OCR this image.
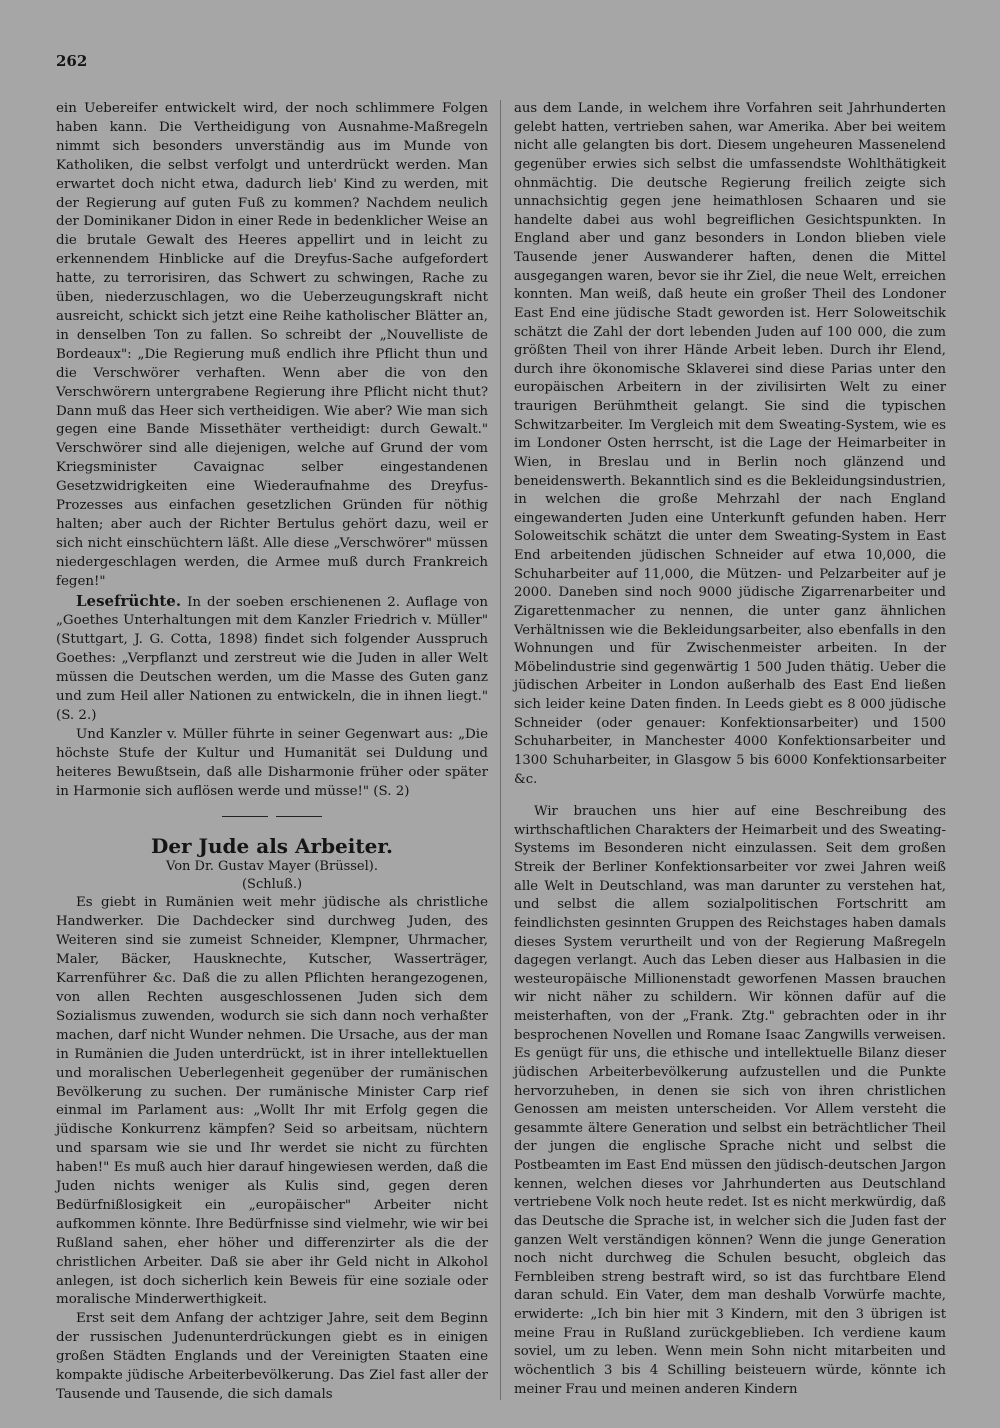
262

ein Uebereifer entwickelt wird, der noch schlimmere Folgen haben kann. Die Vertheidigung von Ausnahme-Maßregeln nimmt sich besonders unverständig aus im Munde von Katholiken, die selbst verfolgt und unterdrückt werden. Man erwartet doch nicht etwa, dadurch lieb' Kind zu werden, mit der Regierung auf guten Fuß zu kommen? Nachdem neulich der Dominikaner Didon in einer Rede in bedenklicher Weise an die brutale Gewalt des Heeres appellirt und in leicht zu erkennendem Hinblicke auf die Dreyfus-Sache aufgefordert hatte, zu terrorisiren, das Schwert zu schwingen, Rache zu üben, niederzuschlagen, wo die Ueberzeugungskraft nicht ausreicht, schickt sich jetzt eine Reihe katholischer Blätter an, in denselben Ton zu fallen. So schreibt der „Nouvelliste de Bordeaux": „Die Regierung muß endlich ihre Pflicht thun und die Verschwörer verhaften. Wenn aber die von den Verschwörern untergrabene Regierung ihre Pflicht nicht thut? Dann muß das Heer sich vertheidigen. Wie aber? Wie man sich gegen eine Bande Missethäter vertheidigt: durch Gewalt." Verschwörer sind alle diejenigen, welche auf Grund der vom Kriegsminister Cavaignac selber eingestandenen Gesetzwidrigkeiten eine Wiederaufnahme des Dreyfus-Prozesses aus einfachen gesetzlichen Gründen für nöthig halten; aber auch der Richter Bertulus gehört dazu, weil er sich nicht einschüchtern läßt. Alle diese „Verschwörer" müssen niedergeschlagen werden, die Armee muß durch Frankreich fegen!"

Lesefrüchte. In der soeben erschienenen 2. Auflage von „Goethes Unterhaltungen mit dem Kanzler Friedrich v. Müller" (Stuttgart, J. G. Cotta, 1898) findet sich folgender Ausspruch Goethes: „Verpflanzt und zerstreut wie die Juden in aller Welt müssen die Deutschen werden, um die Masse des Guten ganz und zum Heil aller Nationen zu entwickeln, die in ihnen liegt." (S. 2.)

Und Kanzler v. Müller führte in seiner Gegenwart aus: „Die höchste Stufe der Kultur und Humanität sei Duldung und heiteres Bewußtsein, daß alle Disharmonie früher oder später in Harmonie sich auflösen werde und müsse!" (S. 2)

Der Jude als Arbeiter.
Von Dr. Gustav Mayer (Brüssel).
(Schluß.)

Es giebt in Rumänien weit mehr jüdische als christliche Handwerker. Die Dachdecker sind durchweg Juden, des Weiteren sind sie zumeist Schneider, Klempner, Uhrmacher, Maler, Bäcker, Hausknechte, Kutscher, Wasserträger, Karrenführer &c. Daß die zu allen Pflichten herangezogenen, von allen Rechten ausgeschlossenen Juden sich dem Sozialismus zuwenden, wodurch sie sich dann noch verhaßter machen, darf nicht Wunder nehmen. Die Ursache, aus der man in Rumänien die Juden unterdrückt, ist in ihrer intellektuellen und moralischen Ueberlegenheit gegenüber der rumänischen Bevölkerung zu suchen. Der rumänische Minister Carp rief einmal im Parlament aus: „Wollt Ihr mit Erfolg gegen die jüdische Konkurrenz kämpfen? Seid so arbeitsam, nüchtern und sparsam wie sie und Ihr werdet sie nicht zu fürchten haben!" Es muß auch hier darauf hingewiesen werden, daß die Juden nichts weniger als Kulis sind, gegen deren Bedürfnißlosigkeit ein „europäischer" Arbeiter nicht aufkommen könnte. Ihre Bedürfnisse sind vielmehr, wie wir bei Rußland sahen, eher höher und differenzirter als die der christlichen Arbeiter. Daß sie aber ihr Geld nicht in Alkohol anlegen, ist doch sicherlich kein Beweis für eine soziale oder moralische Minderwerthigkeit.

Erst seit dem Anfang der achtziger Jahre, seit dem Beginn der russischen Judenunterdrückungen giebt es in einigen großen Städten Englands und der Vereinigten Staaten eine kompakte jüdische Arbeiterbevölkerung. Das Ziel fast aller der Tausende und Tausende, die sich damals

aus dem Lande, in welchem ihre Vorfahren seit Jahrhunderten gelebt hatten, vertrieben sahen, war Amerika. Aber bei weitem nicht alle gelangten bis dort. Diesem ungeheuren Massenelend gegenüber erwies sich selbst die umfassendste Wohlthätigkeit ohnmächtig. Die deutsche Regierung freilich zeigte sich unnachsichtig gegen jene heimathlosen Schaaren und sie handelte dabei aus wohl begreiflichen Gesichtspunkten. In England aber und ganz besonders in London blieben viele Tausende jener Auswanderer haften, denen die Mittel ausgegangen waren, bevor sie ihr Ziel, die neue Welt, erreichen konnten. Man weiß, daß heute ein großer Theil des Londoner East End eine jüdische Stadt geworden ist. Herr Soloweitschik schätzt die Zahl der dort lebenden Juden auf 100 000, die zum größten Theil von ihrer Hände Arbeit leben. Durch ihr Elend, durch ihre ökonomische Sklaverei sind diese Parias unter den europäischen Arbeitern in der zivilisirten Welt zu einer traurigen Berühmtheit gelangt. Sie sind die typischen Schwitzarbeiter. Im Vergleich mit dem Sweating-System, wie es im Londoner Osten herrscht, ist die Lage der Heimarbeiter in Wien, in Breslau und in Berlin noch glänzend und beneidenswerth. Bekanntlich sind es die Bekleidungsindustrien, in welchen die große Mehrzahl der nach England eingewanderten Juden eine Unterkunft gefunden haben. Herr Soloweitschik schätzt die unter dem Sweating-System in East End arbeitenden jüdischen Schneider auf etwa 10,000, die Schuharbeiter auf 11,000, die Mützen- und Pelzarbeiter auf je 2000. Daneben sind noch 9000 jüdische Zigarrenarbeiter und Zigarettenmacher zu nennen, die unter ganz ähnlichen Verhältnissen wie die Bekleidungsarbeiter, also ebenfalls in den Wohnungen und für Zwischenmeister arbeiten. In der Möbelindustrie sind gegenwärtig 1 500 Juden thätig. Ueber die jüdischen Arbeiter in London außerhalb des East End ließen sich leider keine Daten finden. In Leeds giebt es 8 000 jüdische Schneider (oder genauer: Konfektionsarbeiter) und 1500 Schuharbeiter, in Manchester 4000 Konfektionsarbeiter und 1300 Schuharbeiter, in Glasgow 5 bis 6000 Konfektionsarbeiter &c.

Wir brauchen uns hier auf eine Beschreibung des wirthschaftlichen Charakters der Heimarbeit und des Sweating-Systems im Besonderen nicht einzulassen. Seit dem großen Streik der Berliner Konfektionsarbeiter vor zwei Jahren weiß alle Welt in Deutschland, was man darunter zu verstehen hat, und selbst die allem sozialpolitischen Fortschritt am feindlichsten gesinnten Gruppen des Reichstages haben damals dieses System verurtheilt und von der Regierung Maßregeln dagegen verlangt. Auch das Leben dieser aus Halbasien in die westeuropäische Millionenstadt geworfenen Massen brauchen wir nicht näher zu schildern. Wir können dafür auf die meisterhaften, von der „Frank. Ztg." gebrachten oder in ihr besprochenen Novellen und Romane Isaac Zangwills verweisen. Es genügt für uns, die ethische und intellektuelle Bilanz dieser jüdischen Arbeiterbevölkerung aufzustellen und die Punkte hervorzuheben, in denen sie sich von ihren christlichen Genossen am meisten unterscheiden. Vor Allem versteht die gesammte ältere Generation und selbst ein beträchtlicher Theil der jungen die englische Sprache nicht und selbst die Postbeamten im East End müssen den jüdisch-deutschen Jargon kennen, welchen dieses vor Jahrhunderten aus Deutschland vertriebene Volk noch heute redet. Ist es nicht merkwürdig, daß das Deutsche die Sprache ist, in welcher sich die Juden fast der ganzen Welt verständigen können? Wenn die junge Generation noch nicht durchweg die Schulen besucht, obgleich das Fernbleiben streng bestraft wird, so ist das furchtbare Elend daran schuld. Ein Vater, dem man deshalb Vorwürfe machte, erwiderte: „Ich bin hier mit 3 Kindern, mit den 3 übrigen ist meine Frau in Rußland zurückgeblieben. Ich verdiene kaum soviel, um zu leben. Wenn mein Sohn nicht mitarbeiten und wöchentlich 3 bis 4 Schilling beisteuern würde, könnte ich meiner Frau und meinen anderen Kindern
